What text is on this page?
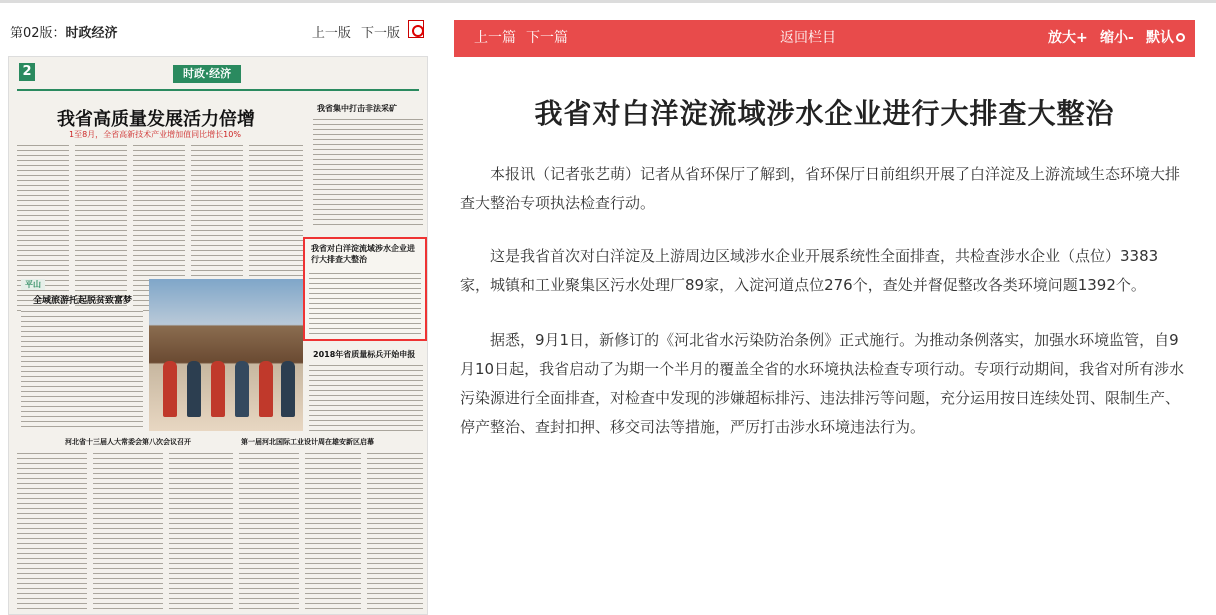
第02版：时政经济	上一版 下一版
2	时政·经济
我省高质量发展活力倍增
1至8月，全省高新技术产业增加值同比增长10%
我省集中打击非法采矿
我省对白洋淀流域涉水企业进行大排查大整治
平山
全域旅游托起脱贫致富梦
2018年省质量标兵开始申报
河北省十三届人大常委会第八次会议召开	第一届河北国际工业设计周在雄安新区启幕
上一篇 下一篇	返回栏目	放大+ 缩小- 默认
我省对白洋淀流域涉水企业进行大排查大整治

本报讯（记者张艺萌）记者从省环保厅了解到，省环保厅日前组织开展了白洋淀及上游流域生态环境大排查大整治专项执法检查行动。

这是我省首次对白洋淀及上游周边区域涉水企业开展系统性全面排查，共检查涉水企业（点位）3383家，城镇和工业聚集区污水处理厂89家，入淀河道点位276个，查处并督促整改各类环境问题1392个。

据悉，9月1日，新修订的《河北省水污染防治条例》正式施行。为推动条例落实，加强水环境监管，自9月10日起，我省启动了为期一个半月的覆盖全省的水环境执法检查专项行动。专项行动期间，我省对所有涉水污染源进行全面排查，对检查中发现的涉嫌超标排污、违法排污等问题，充分运用按日连续处罚、限制生产、停产整治、查封扣押、移交司法等措施，严厉打击涉水环境违法行为。
